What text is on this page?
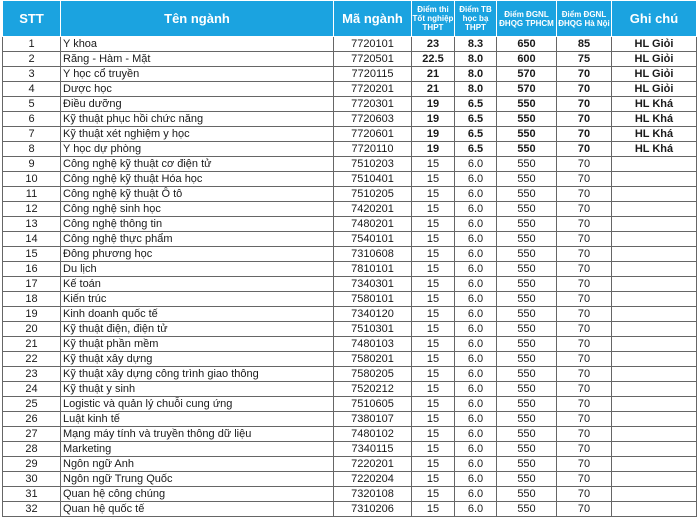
STT	Tên ngành	Mã ngành	Điểm thi Tốt nghiệp THPT	Điểm TB học bạ THPT	Điểm ĐGNL ĐHQG TPHCM	Điểm ĐGNL ĐHQG Hà Nội	Ghi chú
1	Y khoa	7720101	23	8.3	650	85	HL Giỏi
2	Răng - Hàm - Mặt	7720501	22.5	8.0	600	75	HL Giỏi
3	Y học cổ truyền	7720115	21	8.0	570	70	HL Giỏi
4	Dược học	7720201	21	8.0	570	70	HL Giỏi
5	Điều dưỡng	7720301	19	6.5	550	70	HL Khá
6	Kỹ thuật phục hồi chức năng	7720603	19	6.5	550	70	HL Khá
7	Kỹ thuật xét nghiệm y học	7720601	19	6.5	550	70	HL Khá
8	Y học dự phòng	7720110	19	6.5	550	70	HL Khá
9	Công nghệ kỹ thuật cơ điện tử	7510203	15	6.0	550	70	
10	Công nghệ kỹ thuật Hóa học	7510401	15	6.0	550	70	
11	Công nghệ kỹ thuật Ô tô	7510205	15	6.0	550	70	
12	Công nghệ sinh học	7420201	15	6.0	550	70	
13	Công nghệ thông tin	7480201	15	6.0	550	70	
14	Công nghệ thực phẩm	7540101	15	6.0	550	70	
15	Đông phương học	7310608	15	6.0	550	70	
16	Du lịch	7810101	15	6.0	550	70	
17	Kế toán	7340301	15	6.0	550	70	
18	Kiến trúc	7580101	15	6.0	550	70	
19	Kinh doanh quốc tế	7340120	15	6.0	550	70	
20	Kỹ thuật điện, điện tử	7510301	15	6.0	550	70	
21	Kỹ thuật phần mềm	7480103	15	6.0	550	70	
22	Kỹ thuật xây dựng	7580201	15	6.0	550	70	
23	Kỹ thuật xây dựng công trình giao thông	7580205	15	6.0	550	70	
24	Kỹ thuật y sinh	7520212	15	6.0	550	70	
25	Logistic và quản lý chuỗi cung ứng	7510605	15	6.0	550	70	
26	Luật kinh tế	7380107	15	6.0	550	70	
27	Mạng máy tính và truyền thông dữ liệu	7480102	15	6.0	550	70	
28	Marketing	7340115	15	6.0	550	70	
29	Ngôn ngữ Anh	7220201	15	6.0	550	70	
30	Ngôn ngữ Trung Quốc	7220204	15	6.0	550	70	
31	Quan hệ công chúng	7320108	15	6.0	550	70	
32	Quan hệ quốc tế	7310206	15	6.0	550	70	
